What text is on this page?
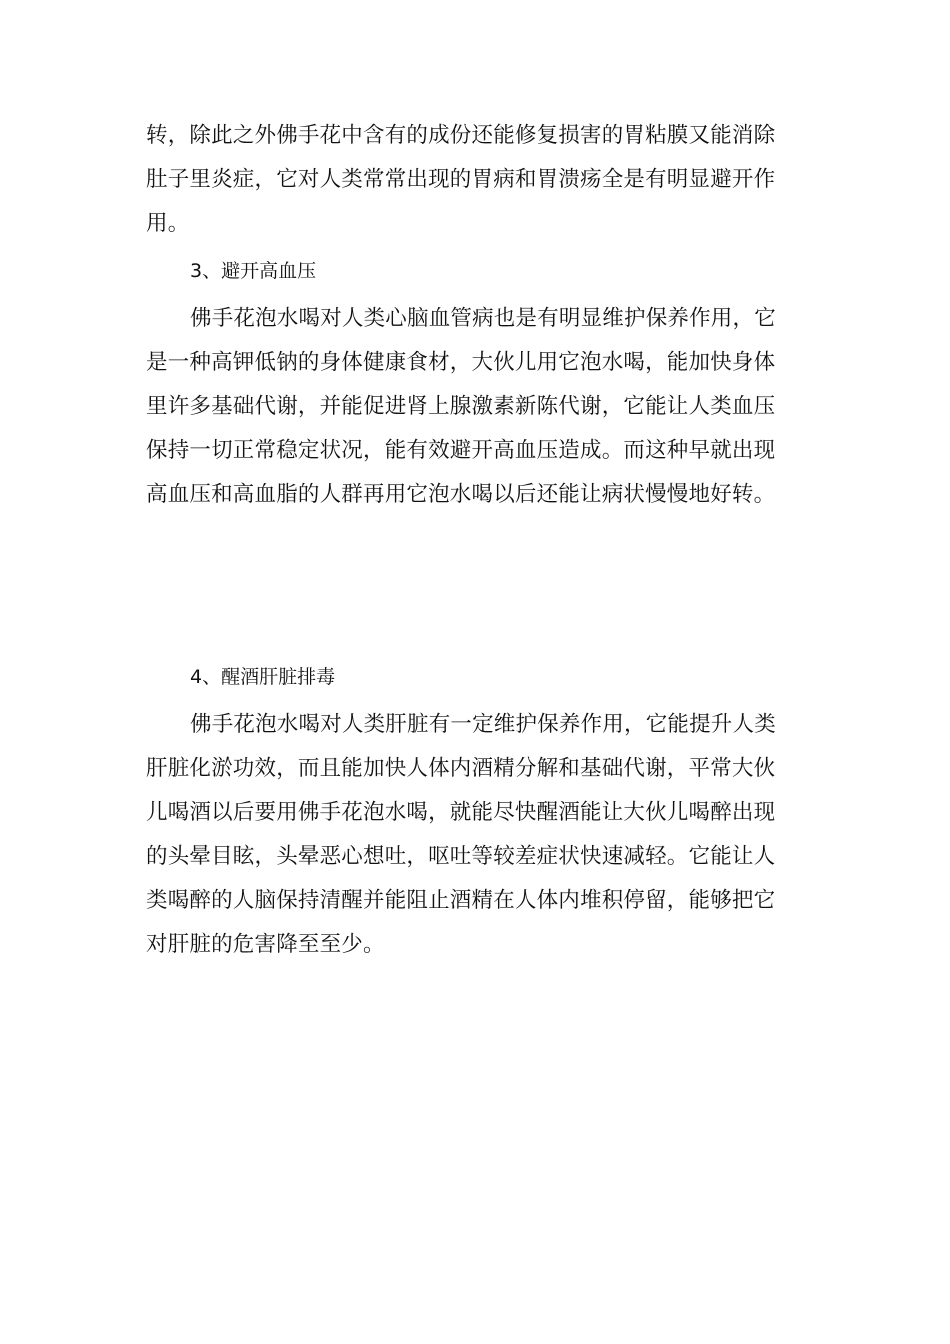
转，除此之外佛手花中含有的成份还能修复损害的胃粘膜又能消除
肚子里炎症，它对人类常常出现的胃病和胃溃疡全是有明显避开作
用。
3、避开高血压
佛手花泡水喝对人类心脑血管病也是有明显维护保养作用，它
是一种高钾低钠的身体健康食材，大伙儿用它泡水喝，能加快身体
里许多基础代谢，并能促进肾上腺激素新陈代谢，它能让人类血压
保持一切正常稳定状况，能有效避开高血压造成。而这种早就出现
高血压和高血脂的人群再用它泡水喝以后还能让病状慢慢地好转。
4、醒酒肝脏排毒
佛手花泡水喝对人类肝脏有一定维护保养作用，它能提升人类
肝脏化淤功效，而且能加快人体内酒精分解和基础代谢，平常大伙
儿喝酒以后要用佛手花泡水喝，就能尽快醒酒能让大伙儿喝醉出现
的头晕目眩，头晕恶心想吐，呕吐等较差症状快速减轻。它能让人
类喝醉的人脑保持清醒并能阻止酒精在人体内堆积停留，能够把它
对肝脏的危害降至至少。
